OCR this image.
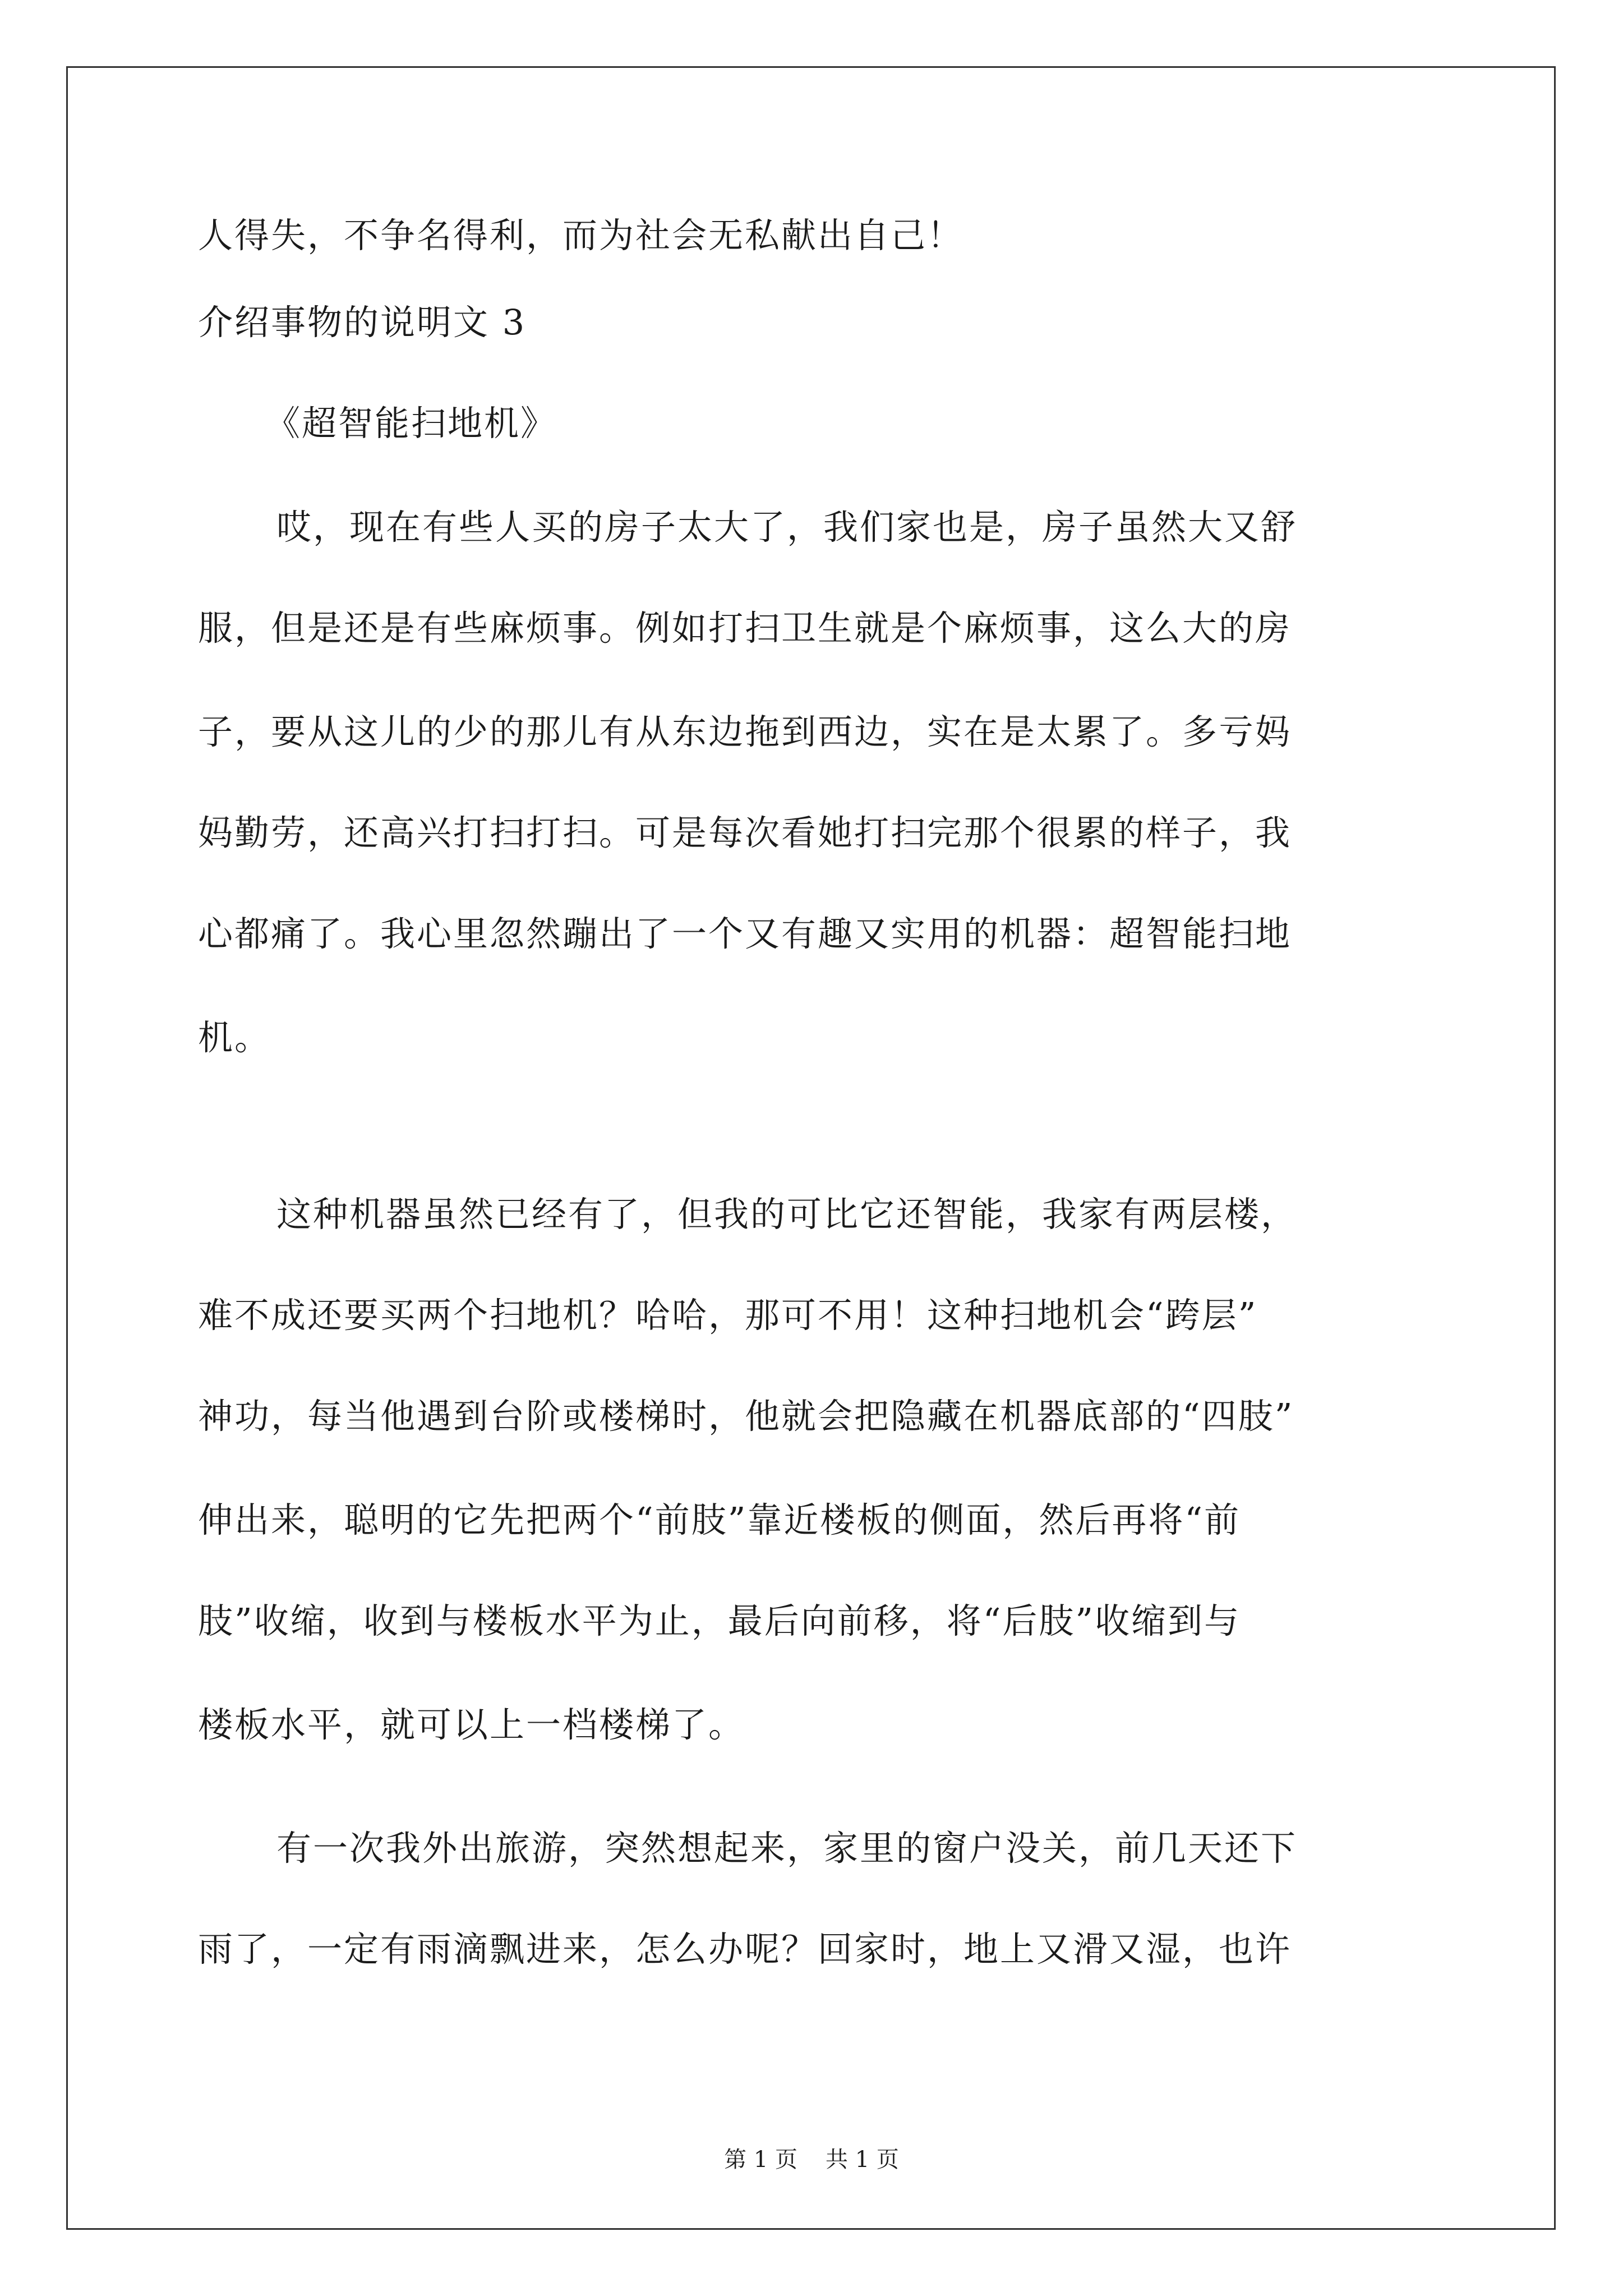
人得失，不争名得利，而为社会无私献出自己！
介绍事物的说明文 3
《超智能扫地机》
哎，现在有些人买的房子太大了，我们家也是，房子虽然大又舒
服，但是还是有些麻烦事。例如打扫卫生就是个麻烦事，这么大的房
子，要从这儿的少的那儿有从东边拖到西边，实在是太累了。多亏妈
妈勤劳，还高兴打扫打扫。可是每次看她打扫完那个很累的样子，我
心都痛了。我心里忽然蹦出了一个又有趣又实用的机器：超智能扫地
机。
这种机器虽然已经有了，但我的可比它还智能，我家有两层楼，
难不成还要买两个扫地机？哈哈，那可不用！这种扫地机会“跨层”
神功，每当他遇到台阶或楼梯时，他就会把隐藏在机器底部的“四肢”
伸出来，聪明的它先把两个“前肢”靠近楼板的侧面，然后再将“前
肢”收缩，收到与楼板水平为止，最后向前移，将“后肢”收缩到与
楼板水平，就可以上一档楼梯了。
有一次我外出旅游，突然想起来，家里的窗户没关，前几天还下
雨了，一定有雨滴飘进来，怎么办呢？回家时，地上又滑又湿，也许
第 1 页 共 1 页
